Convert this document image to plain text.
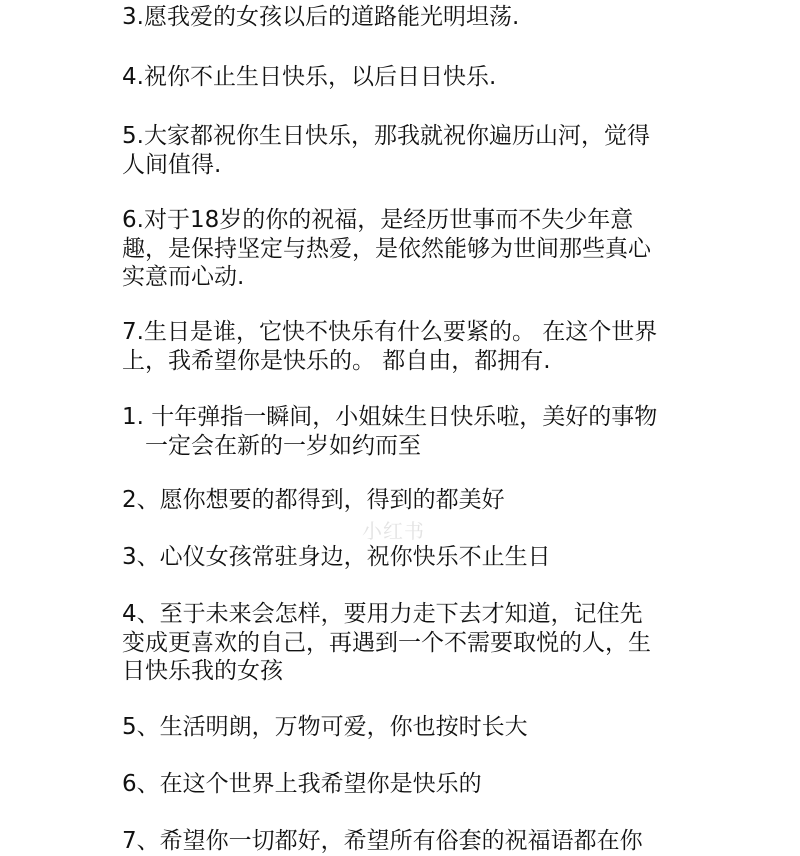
3.愿我爱的女孩以后的道路能光明坦荡.
4.祝你不止生日快乐，以后日日快乐.
5.大家都祝你生日快乐，那我就祝你遍历山河，觉得
人间值得.
6.对于18岁的你的祝福，是经历世事而不失少年意
趣，是保持坚定与热爱，是依然能够为世间那些真心
实意而心动.
7.生日是谁，它快不快乐有什么要紧的。 在这个世界
上，我希望你是快乐的。 都自由，都拥有.
1. 十年弹指一瞬间，小姐妹生日快乐啦，美好的事物
一定会在新的一岁如约而至
2、愿你想要的都得到，得到的都美好
3、心仪女孩常驻身边，祝你快乐不止生日
4、至于未来会怎样，要用力走下去才知道，记住先
变成更喜欢的自己，再遇到一个不需要取悦的人，生
日快乐我的女孩
5、生活明朗，万物可爱，你也按时长大
6、在这个世界上我希望你是快乐的
7、希望你一切都好，希望所有俗套的祝福语都在你
小红书
